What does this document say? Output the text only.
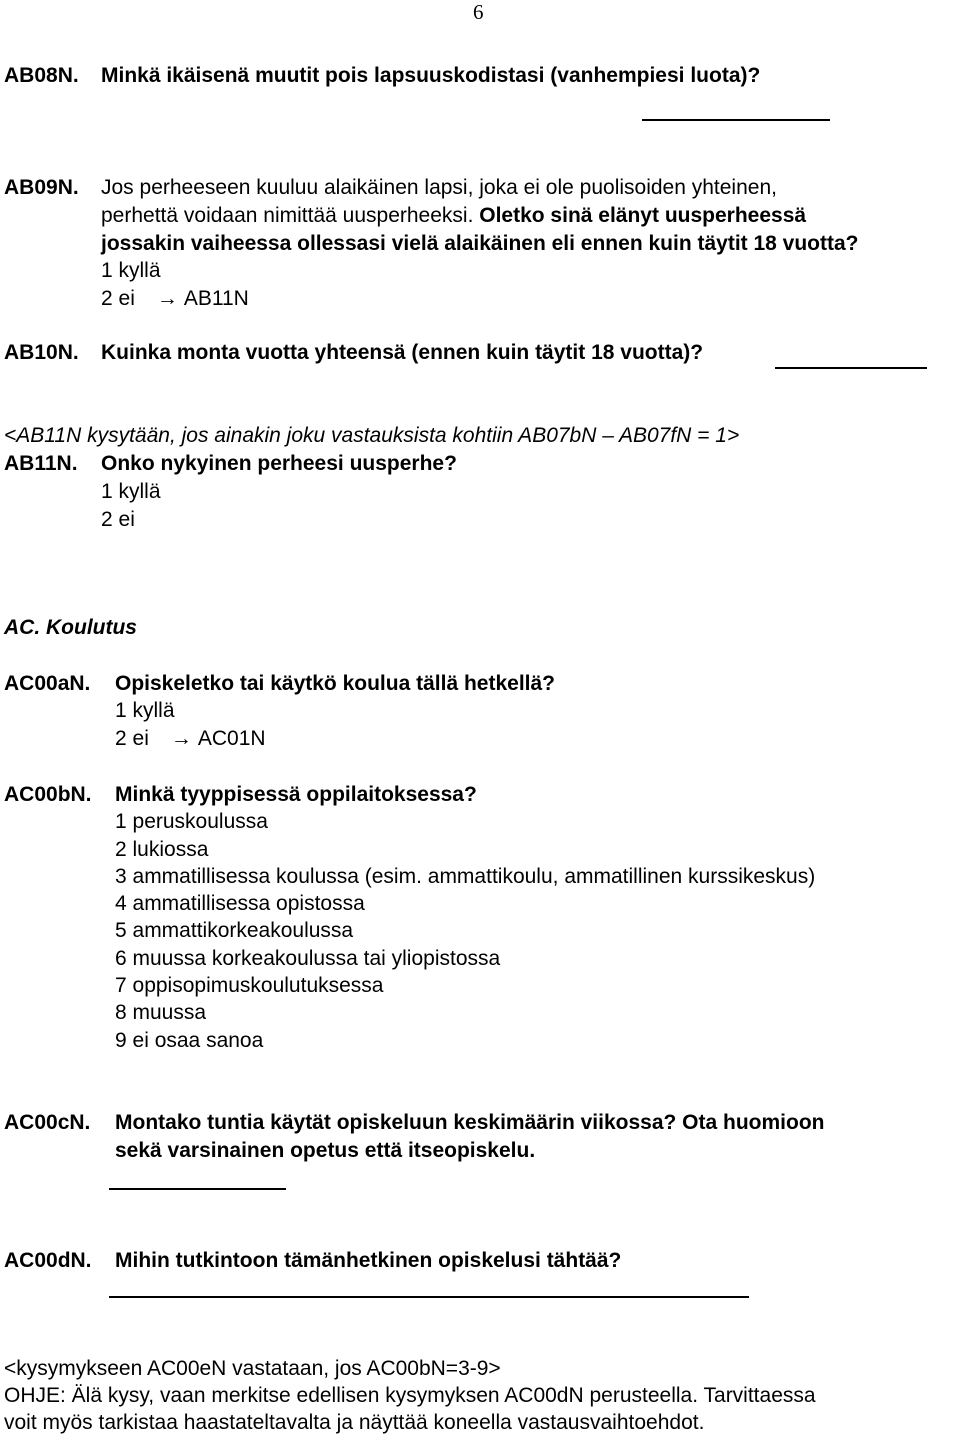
6
AB08N. Minkä ikäisenä muutit pois lapsuuskodistasi (vanhempiesi luota)?
AB09N. Jos perheeseen kuuluu alaikäinen lapsi, joka ei ole puolisoiden yhteinen,
perhettä voidaan nimittää uusperheeksi. Oletko sinä elänyt uusperheessä
jossakin vaiheessa ollessasi vielä alaikäinen eli ennen kuin täytit 18 vuotta?
1 kyllä
2 ei → AB11N
AB10N. Kuinka monta vuotta yhteensä (ennen kuin täytit 18 vuotta)?
<AB11N kysytään, jos ainakin joku vastauksista kohtiin AB07bN – AB07fN = 1>
AB11N. Onko nykyinen perheesi uusperhe?
1 kyllä
2 ei
AC. Koulutus
AC00aN. Opiskeletko tai käytkö koulua tällä hetkellä?
1 kyllä
2 ei → AC01N
AC00bN. Minkä tyyppisessä oppilaitoksessa?
1 peruskoulussa
2 lukiossa
3 ammatillisessa koulussa (esim. ammattikoulu, ammatillinen kurssikeskus)
4 ammatillisessa opistossa
5 ammattikorkeakoulussa
6 muussa korkeakoulussa tai yliopistossa
7 oppisopimuskoulutuksessa
8 muussa
9 ei osaa sanoa
AC00cN. Montako tuntia käytät opiskeluun keskimäärin viikossa? Ota huomioon
sekä varsinainen opetus että itseopiskelu.
AC00dN. Mihin tutkintoon tämänhetkinen opiskelusi tähtää?
<kysymykseen AC00eN vastataan, jos AC00bN=3-9>
OHJE: Älä kysy, vaan merkitse edellisen kysymyksen AC00dN perusteella. Tarvittaessa
voit myös tarkistaa haastateltavalta ja näyttää koneella vastausvaihtoehdot.
